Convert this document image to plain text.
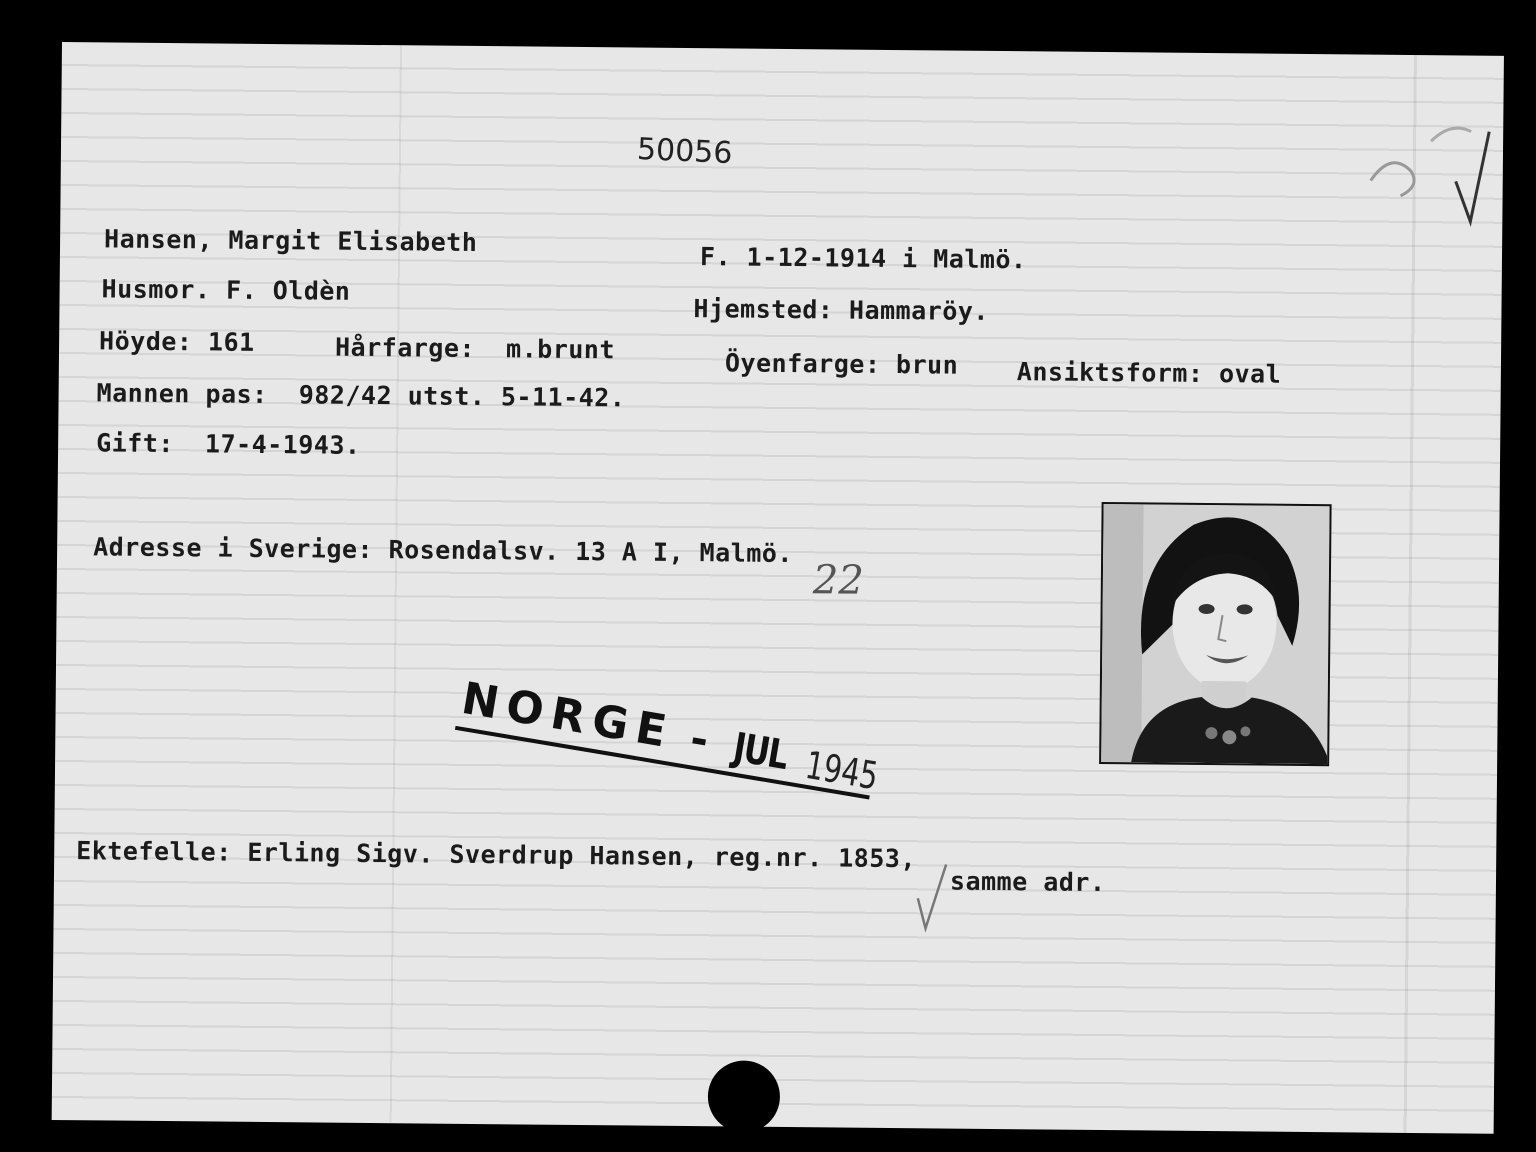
50056
Hansen, Margit Elisabeth
Husmor. F. Oldèn
F. 1-12-1914 i Malmö.
Hjemsted: Hammaröy.
Höyde: 161	Hårfarge:  m.brunt	Öyenfarge: brun Ansiktsform: oval
Mannen pas:  982/42 utst. 5-11-42.
Gift:  17-4-1943.
Adresse i Sverige: Rosendalsv. 13 A I, Malmö.
22
NORGE - JUL 1945
Ektefelle: Erling Sigv. Sverdrup Hansen, reg.nr. 1853,
samme adr.
